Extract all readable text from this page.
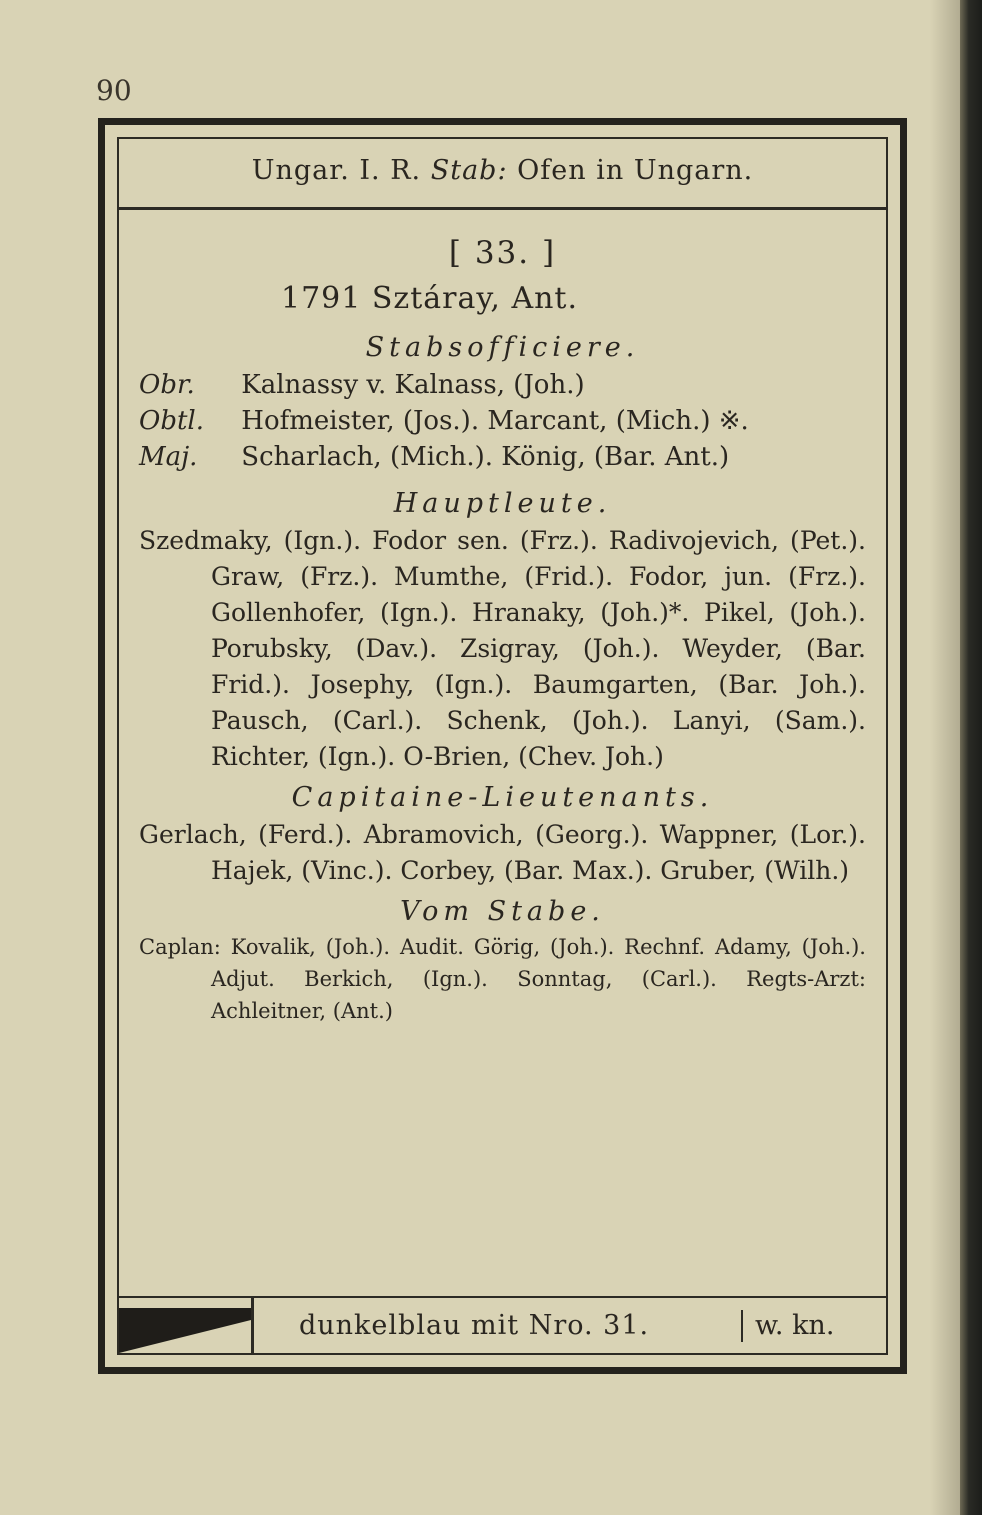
90
Ungar. I. R. Stab: Ofen in Ungarn.
[ 33. ]
1791 Sztáray, Ant.
Stabsofficiere.
Obr. Kalnassy v. Kalnass, (Joh.)
Obtl. Hofmeister, (Jos.). Marcant, (Mich.) ※.
Maj. Scharlach, (Mich.). König, (Bar. Ant.)
Hauptleute.
Szedmaky, (Ign.). Fodor sen. (Frz.). Radivojevich, (Pet.). Graw, (Frz.). Mumthe, (Frid.). Fodor, jun. (Frz.). Gollenhofer, (Ign.). Hranaky, (Joh.)*. Pikel, (Joh.). Porubsky, (Dav.). Zsigray, (Joh.). Weyder, (Bar. Frid.). Josephy, (Ign.). Baumgarten, (Bar. Joh.). Pausch, (Carl.). Schenk, (Joh.). Lanyi, (Sam.). Richter, (Ign.). O-Brien, (Chev. Joh.)
Capitaine-Lieutenants.
Gerlach, (Ferd.). Abramovich, (Georg.). Wappner, (Lor.). Hajek, (Vinc.). Corbey, (Bar. Max.). Gruber, (Wilh.)
Vom Stabe.
Caplan: Kovalik, (Joh.). Audit. Görig, (Joh.). Rechnf. Adamy, (Joh.). Adjut. Berkich, (Ign.). Sonntag, (Carl.). Regts-Arzt: Achleitner, (Ant.)
dunkelblau mit Nro. 31.	w. kn.
